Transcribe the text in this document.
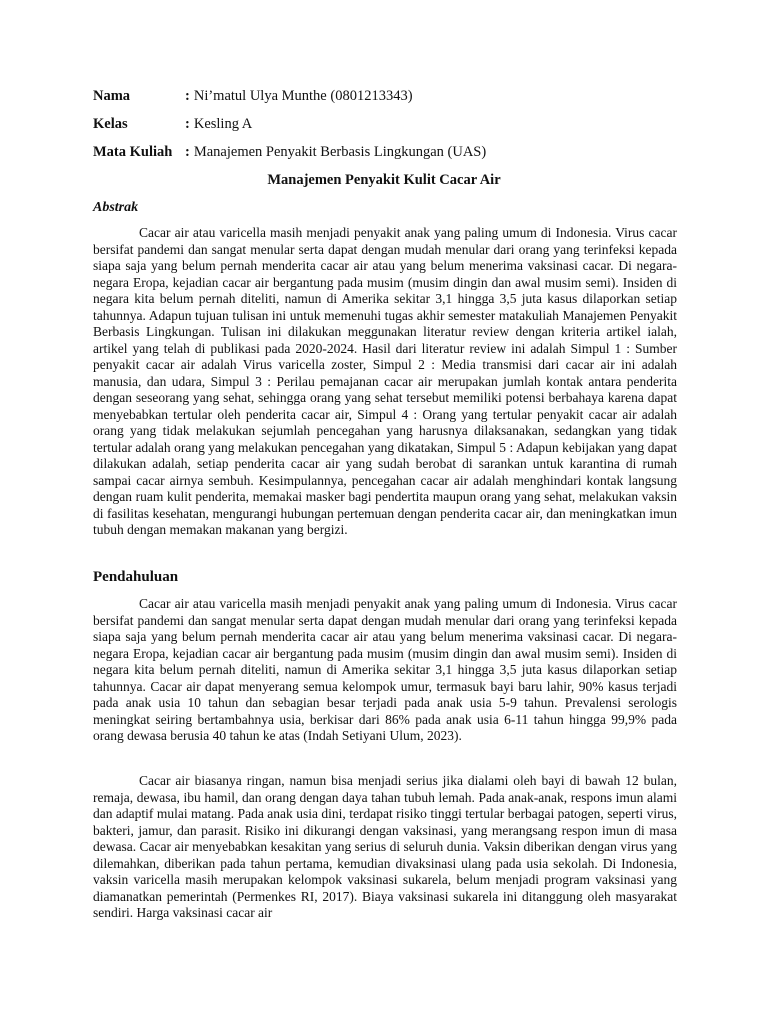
Nama	: Ni’matul Ulya Munthe (0801213343)
Kelas	: Kesling A
Mata Kuliah : Manajemen Penyakit Berbasis Lingkungan (UAS)
Manajemen Penyakit Kulit Cacar Air
Abstrak

Cacar air atau varicella masih menjadi penyakit anak yang paling umum di Indonesia. Virus cacar bersifat pandemi dan sangat menular serta dapat dengan mudah menular dari orang yang terinfeksi kepada siapa saja yang belum pernah menderita cacar air atau yang belum menerima vaksinasi cacar. Di negara-negara Eropa, kejadian cacar air bergantung pada musim (musim dingin dan awal musim semi). Insiden di negara kita belum pernah diteliti, namun di Amerika sekitar 3,1 hingga 3,5 juta kasus dilaporkan setiap tahunnya. Adapun tujuan tulisan ini untuk memenuhi tugas akhir semester matakuliah Manajemen Penyakit Berbasis Lingkungan. Tulisan ini dilakukan meggunakan literatur review dengan kriteria artikel ialah, artikel yang telah di publikasi pada 2020-2024. Hasil dari literatur review ini adalah Simpul 1 : Sumber penyakit cacar air adalah Virus varicella zoster, Simpul 2 : Media transmisi dari cacar air ini adalah manusia, dan udara, Simpul 3 : Perilau pemajanan cacar air merupakan jumlah kontak antara penderita dengan seseorang yang sehat, sehingga orang yang sehat tersebut memiliki potensi berbahaya karena dapat menyebabkan tertular oleh penderita cacar air, Simpul 4 : Orang yang tertular penyakit cacar air adalah orang yang tidak melakukan sejumlah pencegahan yang harusnya dilaksanakan, sedangkan yang tidak tertular adalah orang yang melakukan pencegahan yang dikatakan, Simpul 5 : Adapun kebijakan yang dapat dilakukan adalah, setiap penderita cacar air yang sudah berobat di sarankan untuk karantina di rumah sampai cacar airnya sembuh. Kesimpulannya, pencegahan cacar air adalah menghindari kontak langsung dengan ruam kulit penderita, memakai masker bagi pendertita maupun orang yang sehat, melakukan vaksin di fasilitas kesehatan, mengurangi hubungan pertemuan dengan penderita cacar air, dan meningkatkan imun tubuh dengan memakan makanan yang bergizi.

Pendahuluan

Cacar air atau varicella masih menjadi penyakit anak yang paling umum di Indonesia. Virus cacar bersifat pandemi dan sangat menular serta dapat dengan mudah menular dari orang yang terinfeksi kepada siapa saja yang belum pernah menderita cacar air atau yang belum menerima vaksinasi cacar. Di negara-negara Eropa, kejadian cacar air bergantung pada musim (musim dingin dan awal musim semi). Insiden di negara kita belum pernah diteliti, namun di Amerika sekitar 3,1 hingga 3,5 juta kasus dilaporkan setiap tahunnya. Cacar air dapat menyerang semua kelompok umur, termasuk bayi baru lahir, 90% kasus terjadi pada anak usia 10 tahun dan sebagian besar terjadi pada anak usia 5-9 tahun. Prevalensi serologis meningkat seiring bertambahnya usia, berkisar dari 86% pada anak usia 6-11 tahun hingga 99,9% pada orang dewasa berusia 40 tahun ke atas (Indah Setiyani Ulum, 2023).

Cacar air biasanya ringan, namun bisa menjadi serius jika dialami oleh bayi di bawah 12 bulan, remaja, dewasa, ibu hamil, dan orang dengan daya tahan tubuh lemah. Pada anak-anak, respons imun alami dan adaptif mulai matang. Pada anak usia dini, terdapat risiko tinggi tertular berbagai patogen, seperti virus, bakteri, jamur, dan parasit. Risiko ini dikurangi dengan vaksinasi, yang merangsang respon imun di masa dewasa. Cacar air menyebabkan kesakitan yang serius di seluruh dunia. Vaksin diberikan dengan virus yang dilemahkan, diberikan pada tahun pertama, kemudian divaksinasi ulang pada usia sekolah. Di Indonesia, vaksin varicella masih merupakan kelompok vaksinasi sukarela, belum menjadi program vaksinasi yang diamanatkan pemerintah (Permenkes RI, 2017). Biaya vaksinasi sukarela ini ditanggung oleh masyarakat sendiri. Harga vaksinasi cacar air
